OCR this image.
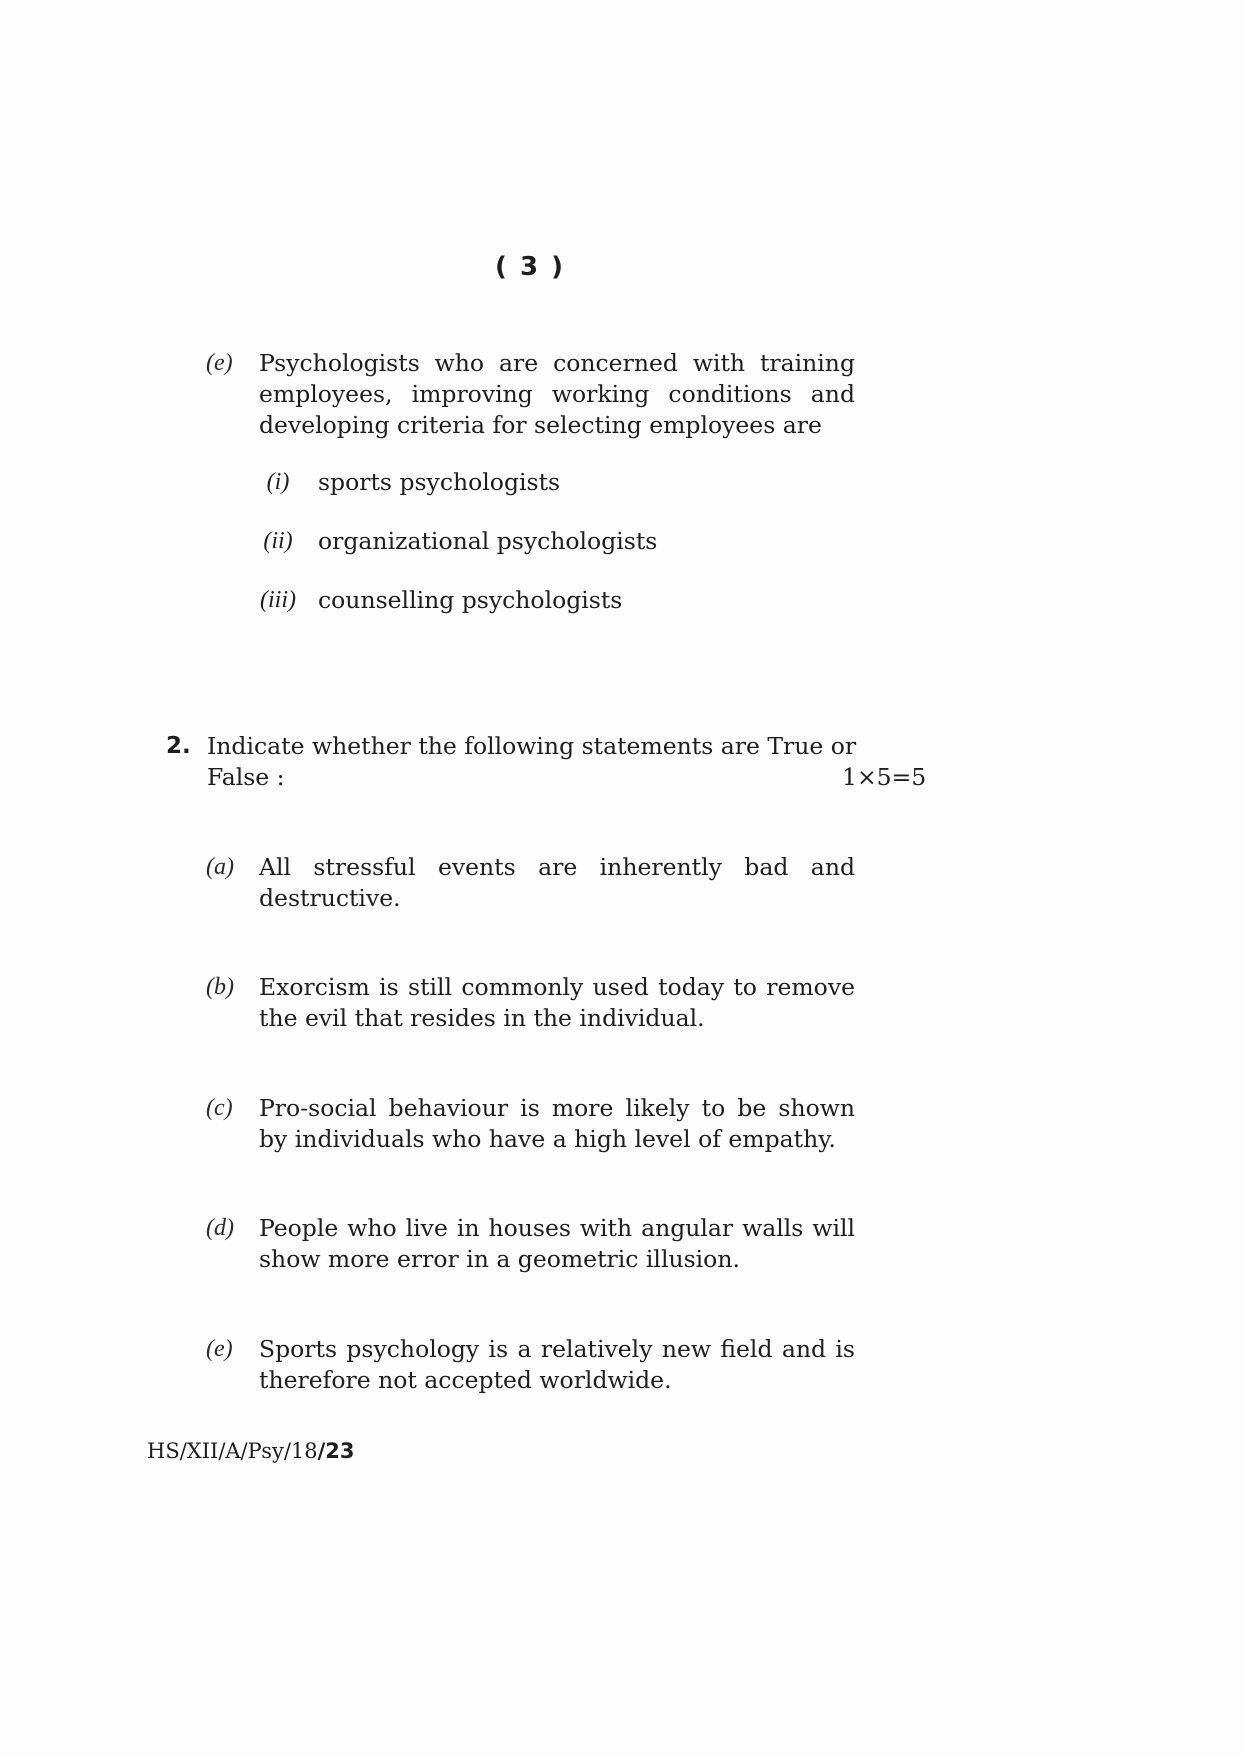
( 3 )
(e) Psychologists who are concerned with training employees, improving working conditions and developing criteria for selecting employees are
(i)	sports psychologists
(ii) organizational psychologists
(iii) counselling psychologists
2. Indicate whether the following statements are True or
False :	1×5=5
(a) All stressful events are inherently bad and destructive.
(b) Exorcism is still commonly used today to remove the evil that resides in the individual.
(c) Pro-social behaviour is more likely to be shown by individuals who have a high level of empathy.
(d) People who live in houses with angular walls will show more error in a geometric illusion.
(e) Sports psychology is a relatively new field and is therefore not accepted worldwide.
HS/XII/A/Psy/18/23
